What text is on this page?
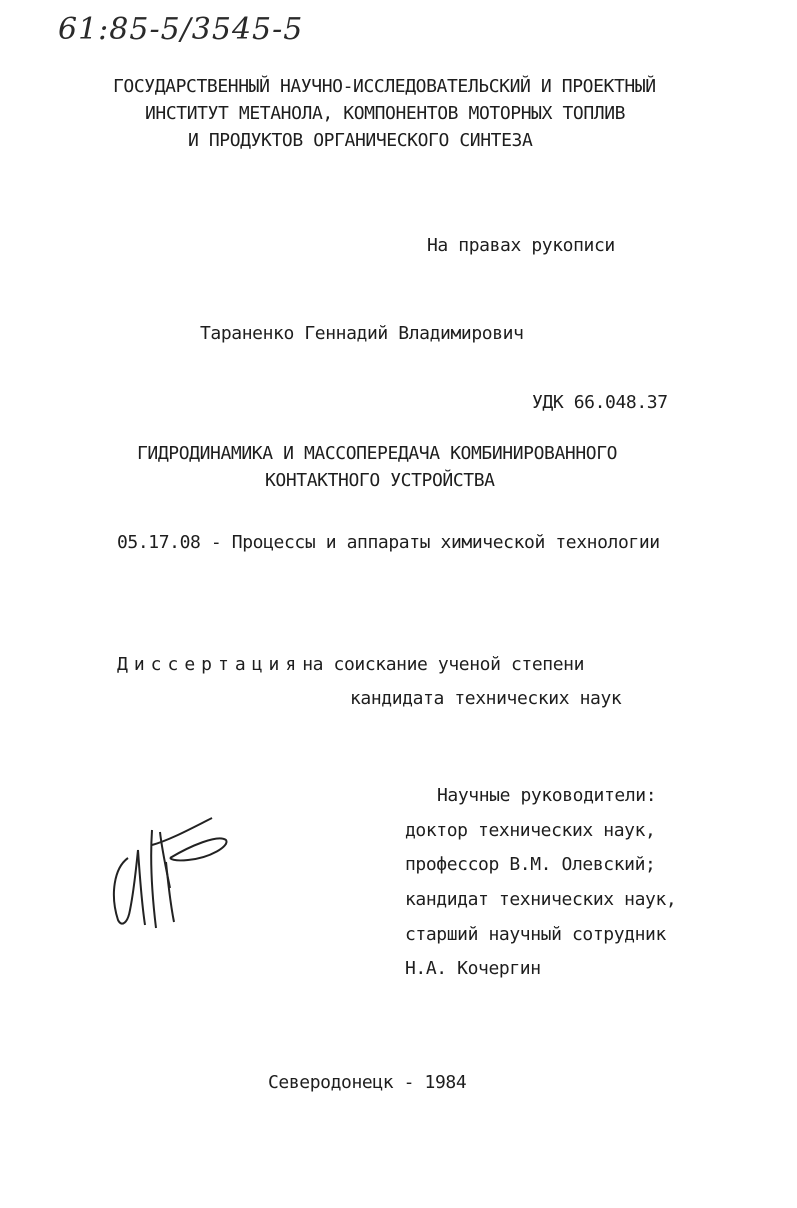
61:85-5/3545-5
ГОСУДАРСТВЕННЫЙ НАУЧНО-ИССЛЕДОВАТЕЛЬСКИЙ И ПРОЕКТНЫЙ
ИНСТИТУТ МЕТАНОЛА, КОМПОНЕНТОВ МОТОРНЫХ ТОПЛИВ
И ПРОДУКТОВ ОРГАНИЧЕСКОГО СИНТЕЗА
На правах рукописи
Тараненко Геннадий Владимирович
УДК 66.048.37
ГИДРОДИНАМИКА И МАССОПЕРЕДАЧА КОМБИНИРОВАННОГО
КОНТАКТНОГО УСТРОЙСТВА
05.17.08 - Процессы и аппараты химической технологии
Диссертацияна соискание ученой степени
кандидата технических наук
Научные руководители:
доктор технических наук,
профессор В.М. Олевский;
кандидат технических наук,
старший научный сотрудник
Н.А. Кочергин
Северодонецк - 1984
